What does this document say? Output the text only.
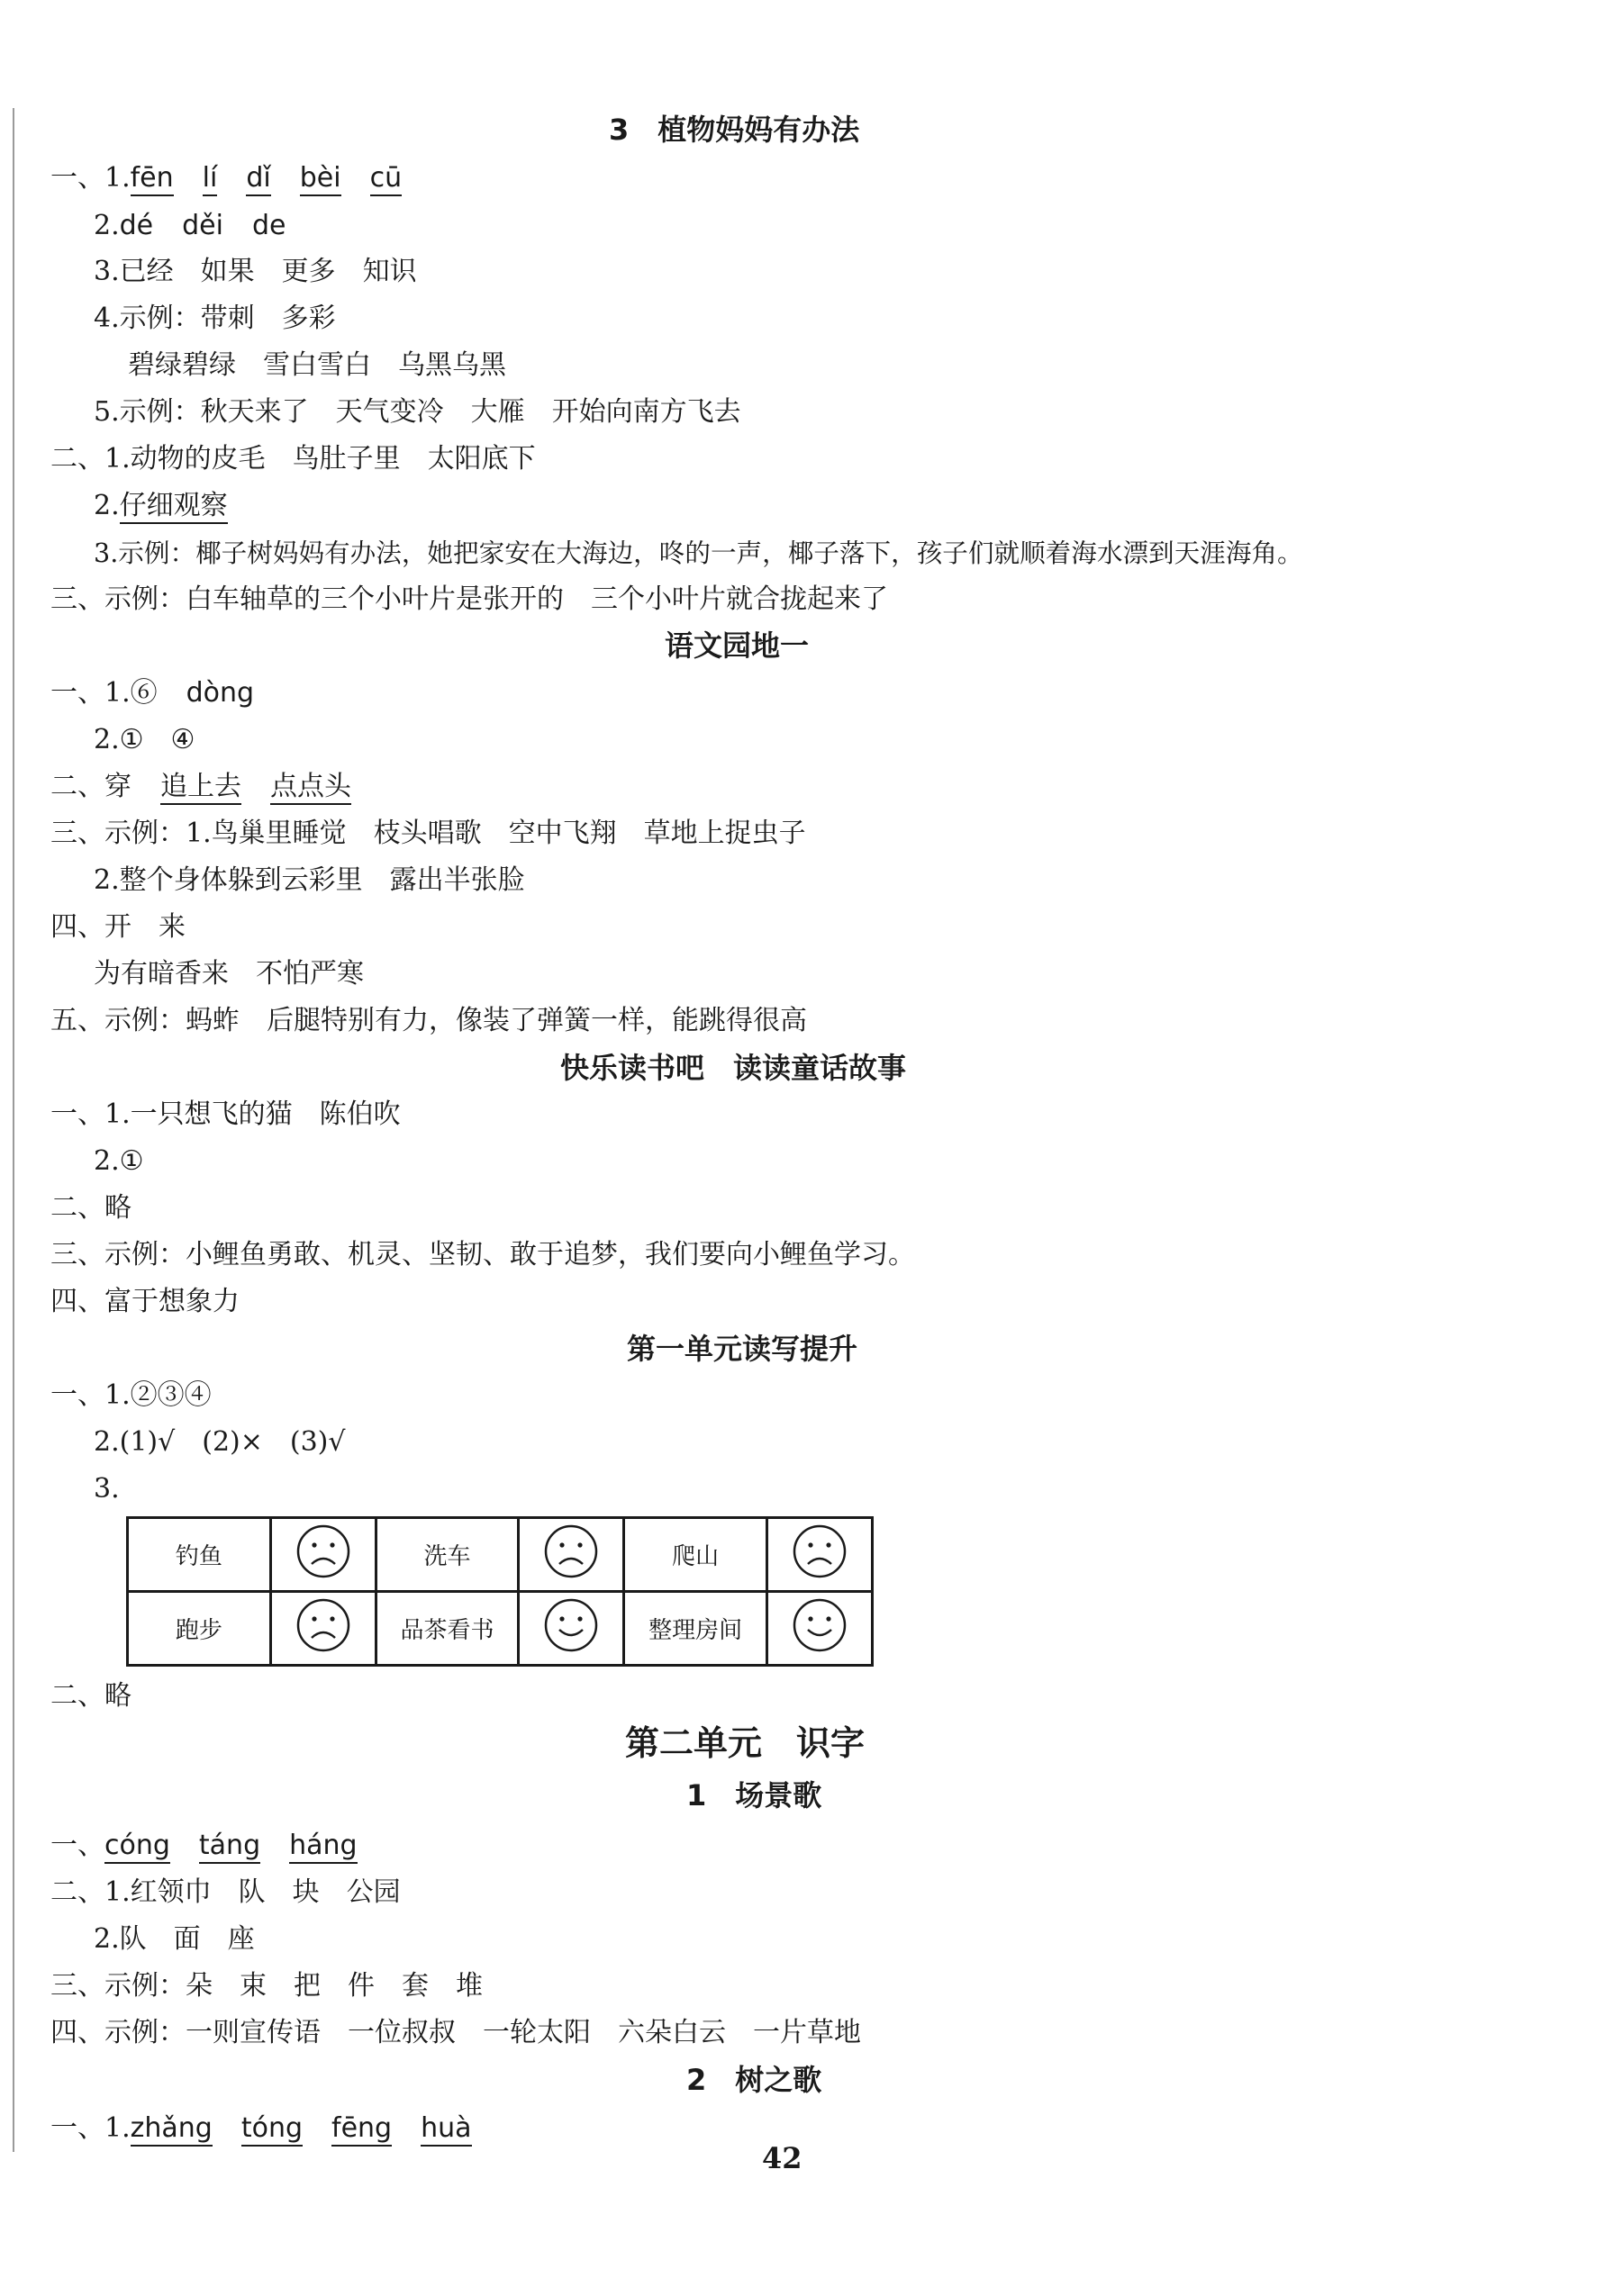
3　植物妈妈有办法
一、1.fēn lí dǐ bèi cū
2.dé děi de
3.已经　如果　更多　知识
4.示例：带刺　多彩
碧绿碧绿　雪白雪白　乌黑乌黑
5.示例：秋天来了　天气变冷　大雁　开始向南方飞去
二、1.动物的皮毛　鸟肚子里　太阳底下
2.仔细观察
3.示例：椰子树妈妈有办法，她把家安在大海边，咚的一声，椰子落下，孩子们就顺着海水漂到天涯海角。
三、示例：白车轴草的三个小叶片是张开的　三个小叶片就合拢起来了
语文园地一
一、1.⑥ dòng
2.①　④
二、穿 追上去 点点头
三、示例：1.鸟巢里睡觉　枝头唱歌　空中飞翔　草地上捉虫子
2.整个身体躲到云彩里　露出半张脸
四、开　来
为有暗香来　不怕严寒
五、示例：蚂蚱　后腿特别有力，像装了弹簧一样，能跳得很高
快乐读书吧　读读童话故事
一、1.一只想飞的猫　陈伯吹
2.①
二、略
三、示例：小鲤鱼勇敢、机灵、坚韧、敢于追梦，我们要向小鲤鱼学习。
四、富于想象力
第一单元读写提升
一、1.②③④
2.(1)√　(2)×　(3)√
3.
钓鱼		洗车		爬山	
跑步		品茶看书		整理房间	
二、略
第二单元　识字
1　场景歌
一、cóng táng háng
二、1.红领巾　队　块　公园
2.队　面　座
三、示例：朵　束　把　件　套　堆
四、示例：一则宣传语　一位叔叔　一轮太阳　六朵白云　一片草地
2　树之歌
一、1.zhǎng tóng fēng huà
42
